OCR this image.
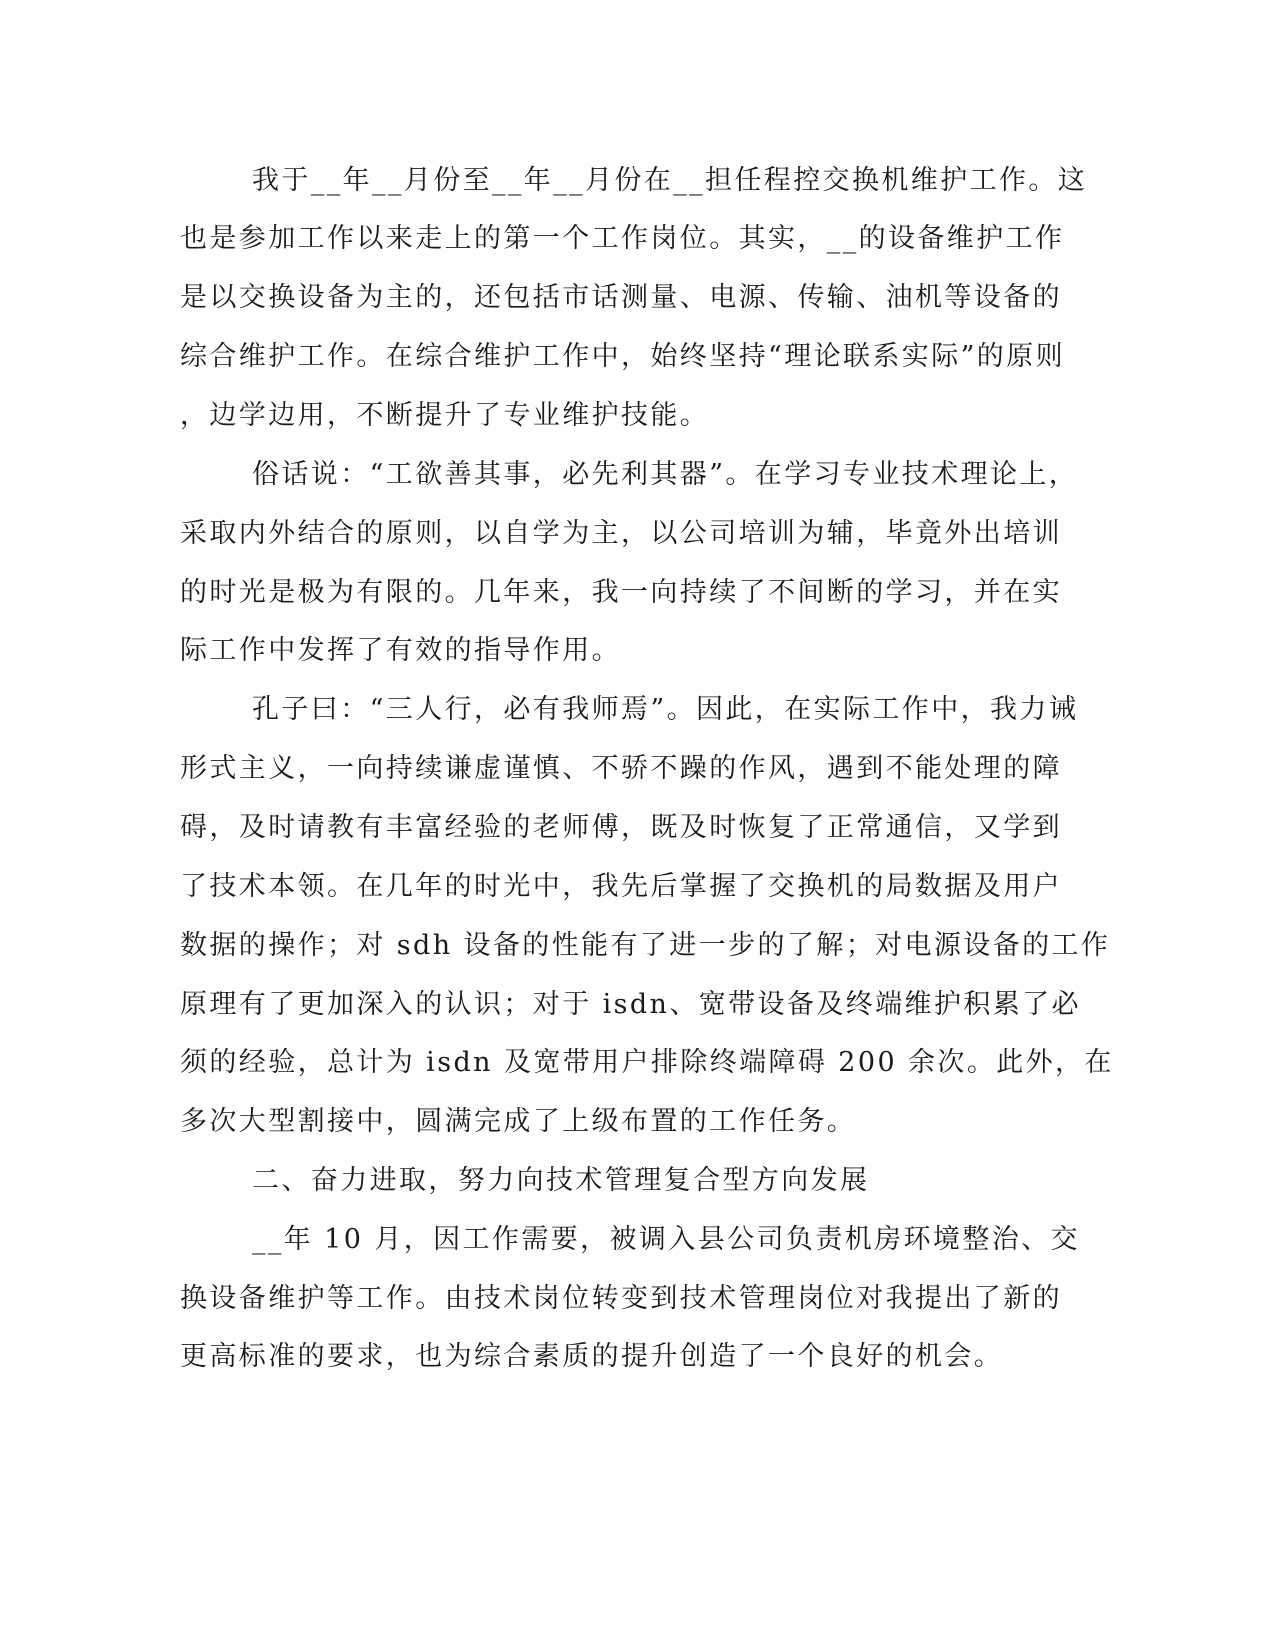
我于__年__月份至__年__月份在__担任程控交换机维护工作。这
也是参加工作以来走上的第一个工作岗位。其实，__的设备维护工作
是以交换设备为主的，还包括市话测量、电源、传输、油机等设备的
综合维护工作。在综合维护工作中，始终坚持“理论联系实际”的原则
，边学边用，不断提升了专业维护技能。
俗话说：“工欲善其事，必先利其器”。在学习专业技术理论上，
采取内外结合的原则，以自学为主，以公司培训为辅，毕竟外出培训
的时光是极为有限的。几年来，我一向持续了不间断的学习，并在实
际工作中发挥了有效的指导作用。
孔子曰：“三人行，必有我师焉”。因此，在实际工作中，我力诫
形式主义，一向持续谦虚谨慎、不骄不躁的作风，遇到不能处理的障
碍，及时请教有丰富经验的老师傅，既及时恢复了正常通信，又学到
了技术本领。在几年的时光中，我先后掌握了交换机的局数据及用户
数据的操作；对 sdh 设备的性能有了进一步的了解；对电源设备的工作
原理有了更加深入的认识；对于 isdn、宽带设备及终端维护积累了必
须的经验，总计为 isdn 及宽带用户排除终端障碍 200 余次。此外，在
多次大型割接中，圆满完成了上级布置的工作任务。
二、奋力进取，努力向技术管理复合型方向发展
__年 10 月，因工作需要，被调入县公司负责机房环境整治、交
换设备维护等工作。由技术岗位转变到技术管理岗位对我提出了新的
更高标准的要求，也为综合素质的提升创造了一个良好的机会。
